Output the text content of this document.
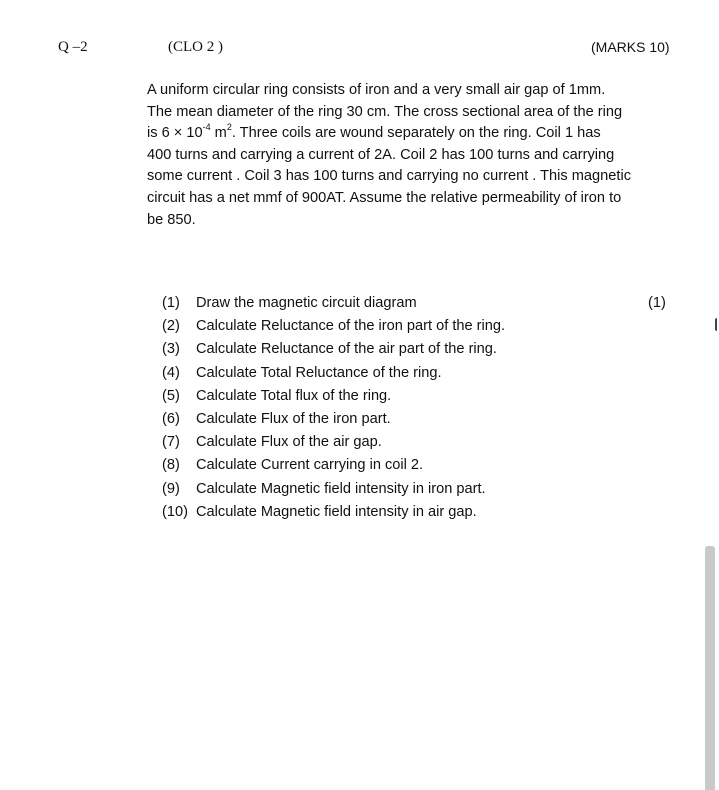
Q –2	(CLO 2 )	(MARKS 10)
A uniform circular ring consists of iron and a very small air gap of 1mm.
The mean diameter of the ring 30 cm. The cross sectional area of the ring
is $6 \times 10^{-4}$ $m^2$. Three coils are wound separately on the ring. Coil 1 has
400 turns and carrying a current of 2A. Coil 2 has 100 turns and carrying
some current . Coil 3 has 100 turns and carrying no current . This magnetic
circuit has a net mmf of 900AT. Assume the relative permeability of iron to
be 850.
(1) Draw the magnetic circuit diagram	(1)
(2) Calculate Reluctance of the iron part of the ring.
(3) Calculate Reluctance of the air part of the ring.
(4) Calculate Total Reluctance of the ring.
(5) Calculate Total flux of the ring.
(6) Calculate Flux of the iron part.
(7) Calculate Flux of the air gap.
(8) Calculate Current carrying in coil 2.
(9) Calculate Magnetic field intensity in iron part.
(10) Calculate Magnetic field intensity in air gap.
